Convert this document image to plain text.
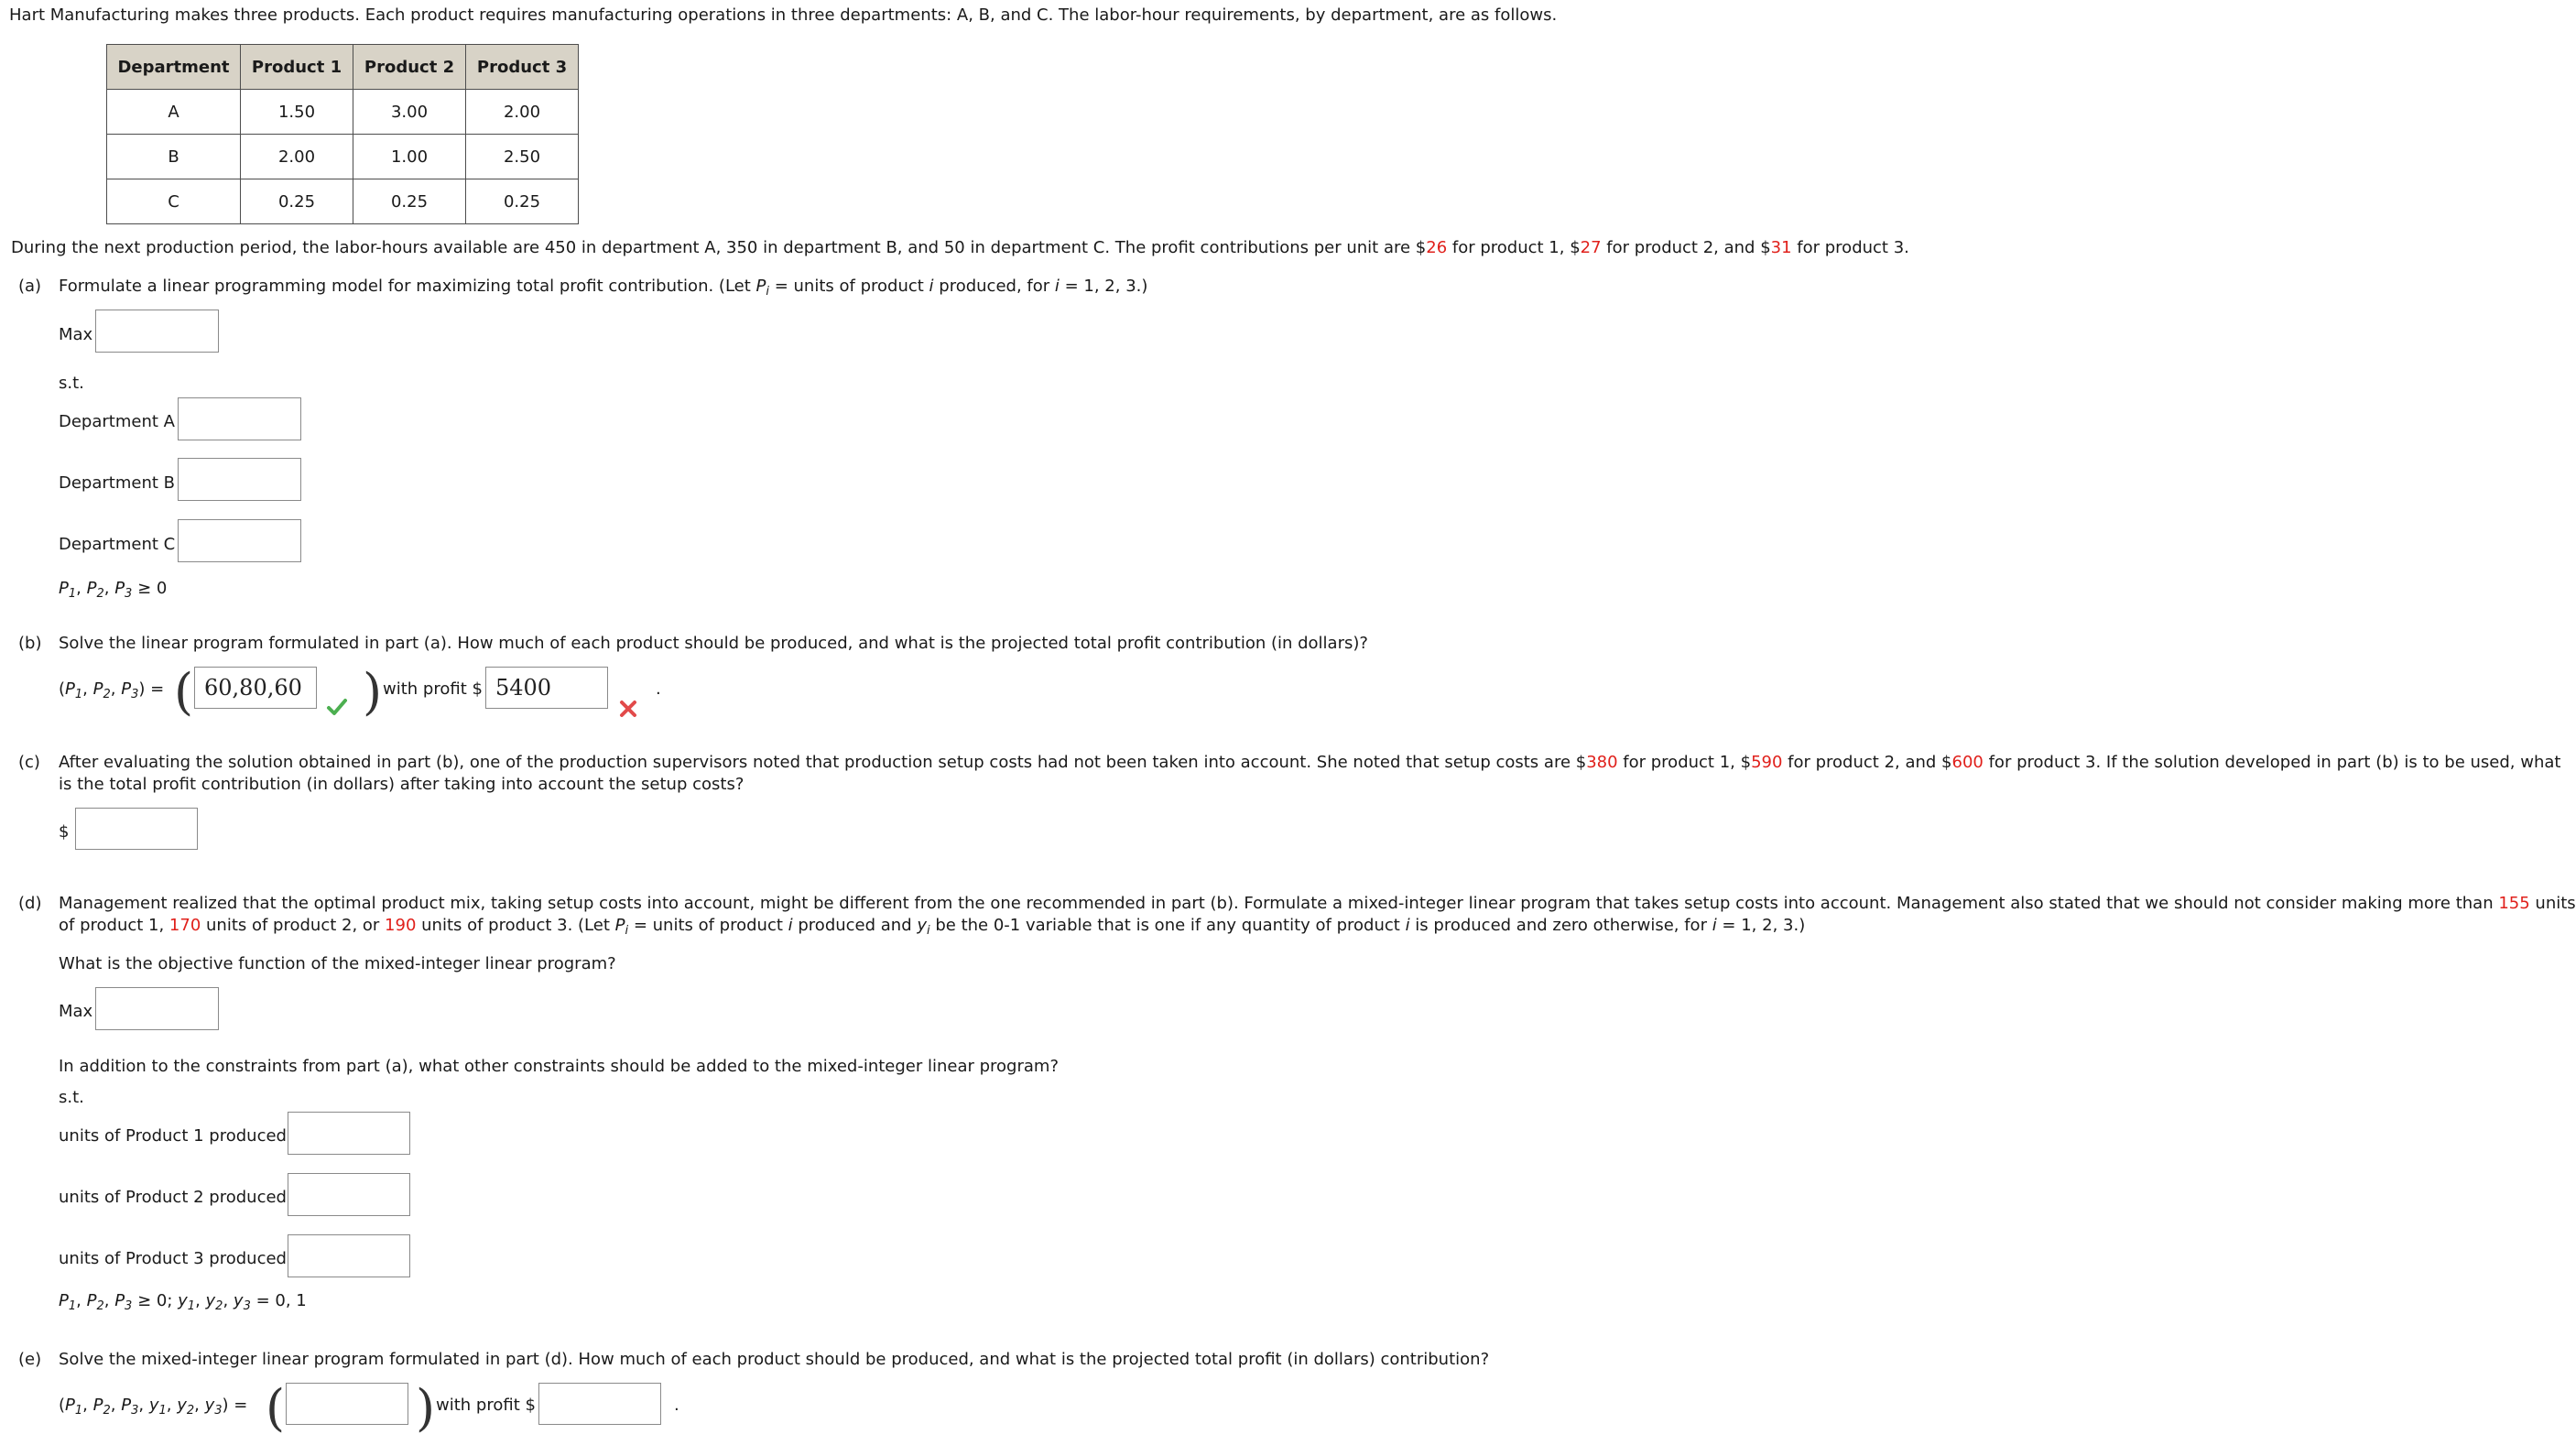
Hart Manufacturing makes three products. Each product requires manufacturing operations in three departments: A, B, and C. The labor-hour requirements, by department, are as follows.
Department	Product 1	Product 2	Product 3
A	1.50	3.00	2.00
B	2.00	1.00	2.50
C	0.25	0.25	0.25
During the next production period, the labor-hours available are 450 in department A, 350 in department B, and 50 in department C. The profit contributions per unit are $26 for product 1, $27 for product 2, and $31 for product 3.
(a) Formulate a linear programming model for maximizing total profit contribution. (Let $P_i$ = units of product i produced, for i = 1, 2, 3.)
Max
s.t.
Department A
Department B
Department C
$P_1$, $P_2$, $P_3 \ge 0$
(b) Solve the linear program formulated in part (a). How much of each product should be produced, and what is the projected total profit contribution (in dollars)?
($P_1$, $P_2$, $P_3$) = (
60,80,60	) with profit $
5400	.
(c) After evaluating the solution obtained in part (b), one of the production supervisors noted that production setup costs had not been taken into account. She noted that setup costs are $380 for product 1, $590 for product 2, and $600 for product 3. If the solution developed in part (b) is to be used, what
is the total profit contribution (in dollars) after taking into account the setup costs?
$
(d) Management realized that the optimal product mix, taking setup costs into account, might be different from the one recommended in part (b). Formulate a mixed-integer linear program that takes setup costs into account. Management also stated that we should not consider making more than 155 units
of product 1, 170 units of product 2, or 190 units of product 3. (Let $P_i$ = units of product i produced and $y_i$ be the 0-1 variable that is one if any quantity of product i is produced and zero otherwise, for i = 1, 2, 3.)
What is the objective function of the mixed-integer linear program?
Max
In addition to the constraints from part (a), what other constraints should be added to the mixed-integer linear program?
s.t.
units of Product 1 produced
units of Product 2 produced
units of Product 3 produced
$P_1$, $P_2$, $P_3 \ge 0$; $y_1$, $y_2$, $y_3 = 0$, 1
(e) Solve the mixed-integer linear program formulated in part (d). How much of each product should be produced, and what is the projected total profit (in dollars) contribution?
($P_1$, $P_2$, $P_3$, $y_1$, $y_2$, $y_3$) = (	) with profit $	.
